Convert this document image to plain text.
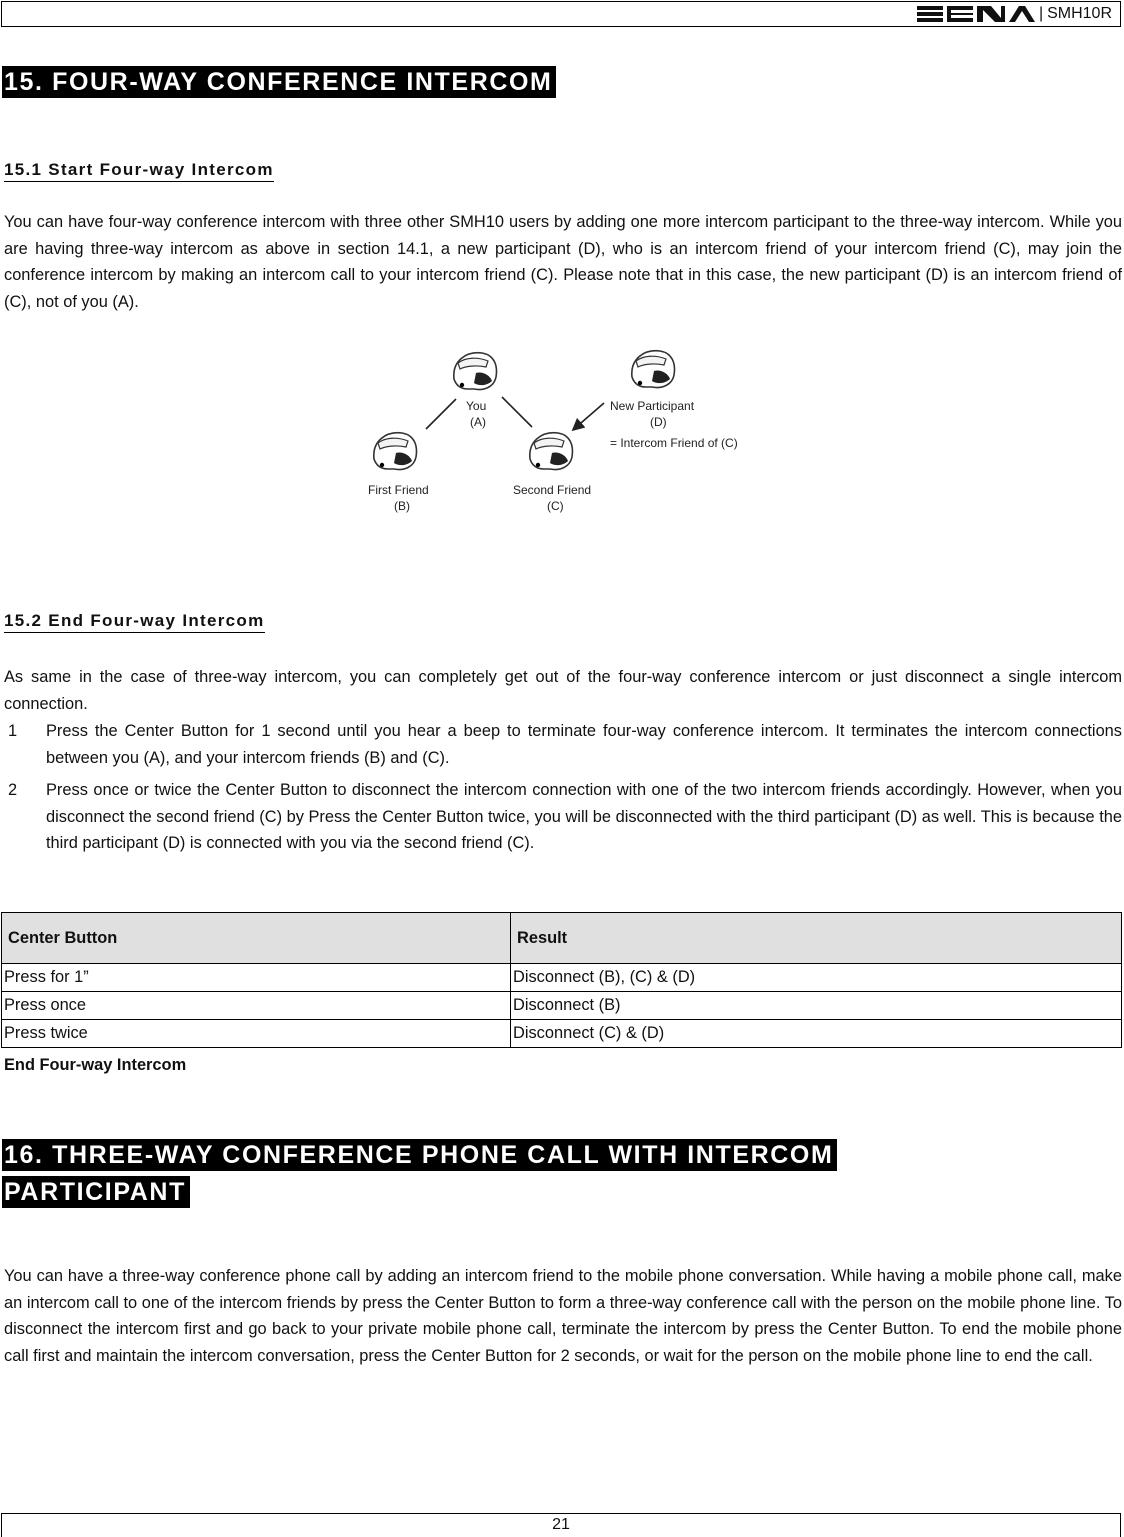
| SMH10R
15. FOUR-WAY CONFERENCE INTERCOM
15.1 Start Four-way Intercom

You can have four-way conference intercom with three other SMH10 users by adding one more intercom participant to the three-way intercom. While you are having three-way intercom as above in section 14.1, a new participant (D), who is an intercom friend of your intercom friend (C), may join the conference intercom by making an intercom call to your intercom friend (C). Please note that in this case, the new participant (D) is an intercom friend of (C), not of you (A).

You
(A)
First Friend
(B)
Second Friend
(C)
New Participant
(D)
= Intercom Friend of (C)
15.2 End Four-way Intercom

As same in the case of three-way intercom, you can completely get out of the four-way conference intercom or just disconnect a single intercom connection.

1	Press the Center Button for 1 second until you hear a beep to terminate four-way conference intercom. It terminates the intercom connections between you (A), and your intercom friends (B) and (C).
2	Press once or twice the Center Button to disconnect the intercom connection with one of the two intercom friends accordingly. However, when you disconnect the second friend (C) by Press the Center Button twice, you will be disconnected with the third participant (D) as well. This is because the third participant (D) is connected with you via the second friend (C).
Center Button	Result
Press for 1”	Disconnect (B), (C) & (D)
Press once	Disconnect (B)
Press twice	Disconnect (C) & (D)
End Four-way Intercom
16. THREE-WAY CONFERENCE PHONE CALL WITH INTERCOM
PARTICIPANT

You can have a three-way conference phone call by adding an intercom friend to the mobile phone conversation. While having a mobile phone call, make an intercom call to one of the intercom friends by press the Center Button to form a three-way conference call with the person on the mobile phone line. To disconnect the intercom first and go back to your private mobile phone call, terminate the intercom by press the Center Button. To end the mobile phone call first and maintain the intercom conversation, press the Center Button for 2 seconds, or wait for the person on the mobile phone line to end the call.

21
